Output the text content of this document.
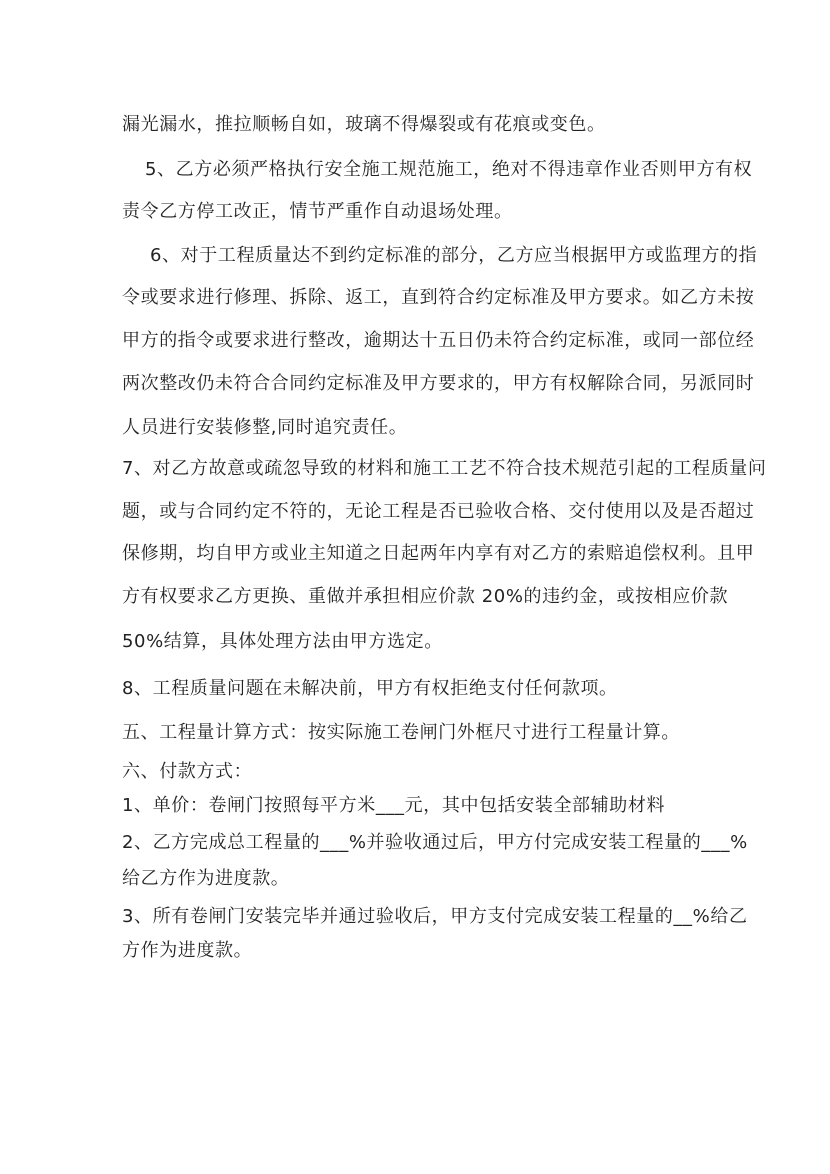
漏光漏水，推拉顺畅自如，玻璃不得爆裂或有花痕或变色。
5、乙方必须严格执行安全施工规范施工，绝对不得违章作业否则甲方有权
责令乙方停工改正，情节严重作自动退场处理。
6、对于工程质量达不到约定标准的部分，乙方应当根据甲方或监理方的指
令或要求进行修理、拆除、返工，直到符合约定标准及甲方要求。如乙方未按
甲方的指令或要求进行整改，逾期达十五日仍未符合约定标准，或同一部位经
两次整改仍未符合合同约定标准及甲方要求的，甲方有权解除合同，另派同时
人员进行安装修整,同时追究责任。
7、对乙方故意或疏忽导致的材料和施工工艺不符合技术规范引起的工程质量问
题，或与合同约定不符的，无论工程是否已验收合格、交付使用以及是否超过
保修期，均自甲方或业主知道之日起两年内享有对乙方的索赔追偿权利。且甲
方有权要求乙方更换、重做并承担相应价款 20%的违约金，或按相应价款
50%结算，具体处理方法由甲方选定。
8、工程质量问题在未解决前，甲方有权拒绝支付任何款项。
五、工程量计算方式：按实际施工卷闸门外框尺寸进行工程量计算。
六、付款方式：
1、单价：卷闸门按照每平方米___元，其中包括安装全部辅助材料
2、乙方完成总工程量的___%并验收通过后，甲方付完成安装工程量的___%
给乙方作为进度款。
3、所有卷闸门安装完毕并通过验收后，甲方支付完成安装工程量的__%给乙
方作为进度款。
